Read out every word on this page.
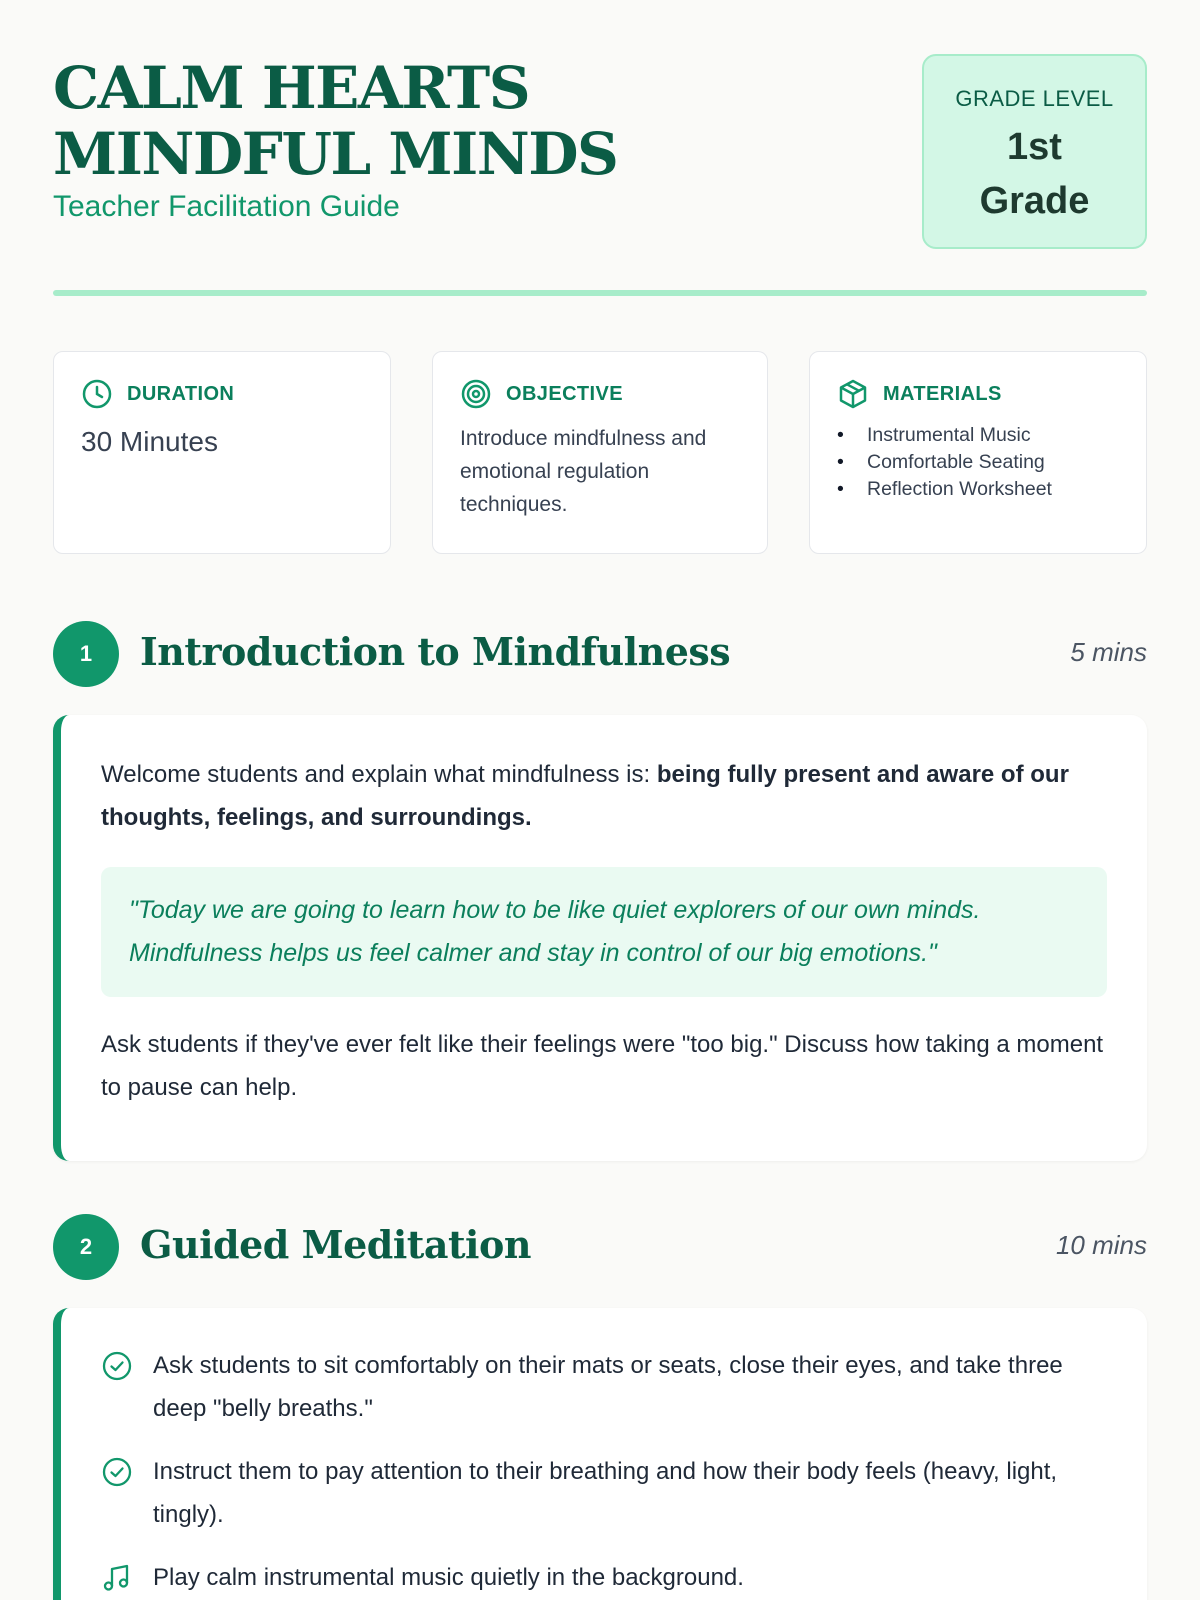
CALM HEARTS MINDFUL MINDS
Teacher Facilitation Guide
GRADE LEVEL
1st Grade
DURATION
30 Minutes
OBJECTIVE
Introduce mindfulness and emotional regulation techniques.
MATERIALS
• Instrumental Music
• Comfortable Seating
• Reflection Worksheet
1	Introduction to Mindfulness	5 mins

Welcome students and explain what mindfulness is: being fully present and aware of our thoughts, feelings, and surroundings.

"Today we are going to learn how to be like quiet explorers of our own minds. Mindfulness helps us feel calmer and stay in control of our big emotions."

Ask students if they've ever felt like their feelings were "too big." Discuss how taking a moment to pause can help.

2	Guided Meditation	10 mins
Ask students to sit comfortably on their mats or seats, close their eyes, and take three deep "belly breaths."
Instruct them to pay attention to their breathing and how their body feels (heavy, light, tingly).
Play calm instrumental music quietly in the background.
